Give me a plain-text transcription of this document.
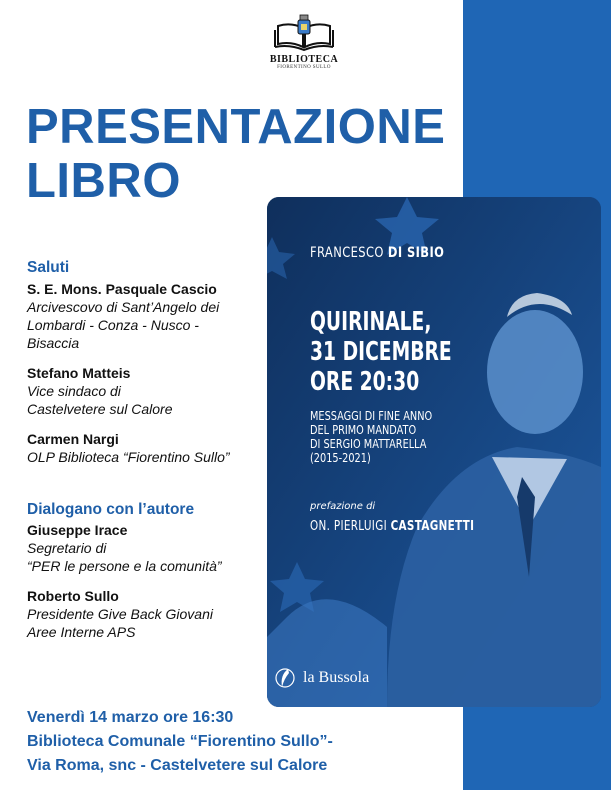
BIBLIOTECA
FIORENTINO SULLO
PRESENTAZIONE
LIBRO
Saluti
S. E. Mons. Pasquale Cascio
Arcivescovo di Sant’Angelo dei
Lombardi - Conza - Nusco -
Bisaccia
Stefano Matteis
Vice sindaco di
Castelvetere sul Calore
Carmen Nargi
OLP Biblioteca “Fiorentino Sullo”
Dialogano con l’autore
Giuseppe Irace
Segretario di
“PER le persone e la comunità”
Roberto Sullo
Presidente Give Back Giovani
Aree Interne APS
FRANCESCO DI SIBIO
QUIRINALE,
31 DICEMBRE
ORE 20:30
MESSAGGI DI FINE ANNO
DEL PRIMO MANDATO
DI SERGIO MATTARELLA
(2015-2021)
prefazione di
ON. PIERLUIGI CASTAGNETTI
la Bussola
Venerdì 14 marzo ore 16:30
Biblioteca Comunale “Fiorentino Sullo”-
Via Roma, snc - Castelvetere sul Calore
